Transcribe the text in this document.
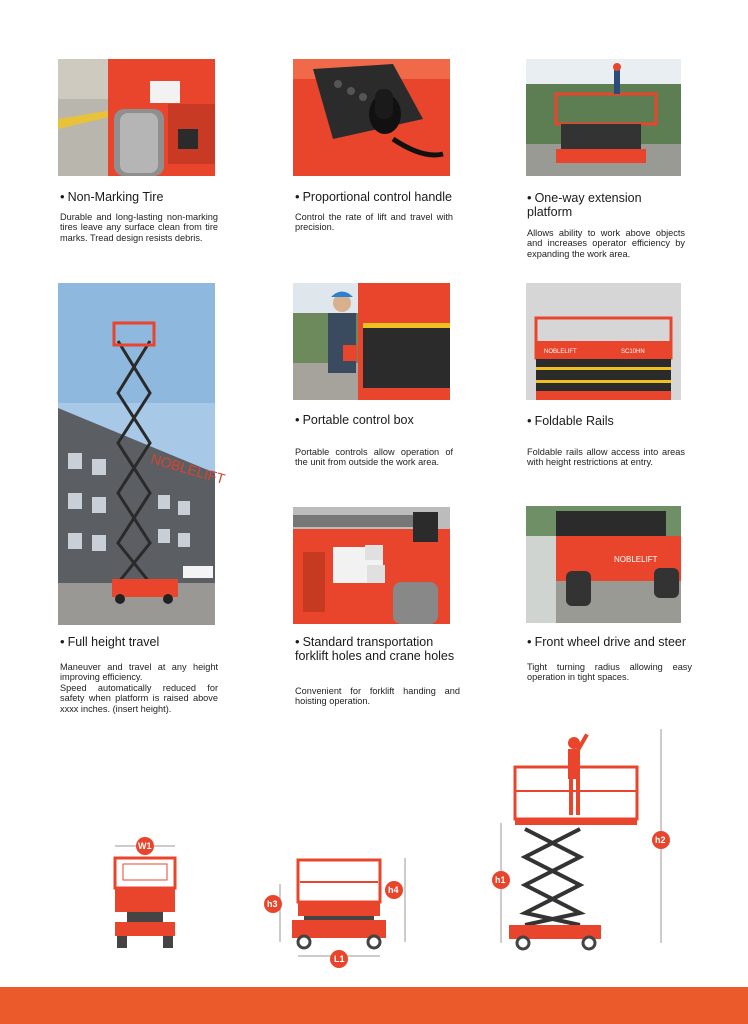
• Non-Marking Tire
Durable and long-lasting non-marking tires leave any surface clean from tire marks. Tread design resists debris.
• Proportional control handle
Control the rate of lift and travel with precision.
• One-way extension platform
Allows ability to work above objects and increases operator efficiency by expanding the work area.
NOBLELIFT
• Full height travel
Maneuver and travel at any height improving efficiency.
Speed automatically reduced for safety when platform is raised above xxxx inches. (insert height).
• Portable control box
Portable controls allow operation of the unit from outside the work area.
NOBLELIFT	SC10HN
• Foldable Rails
Foldable rails allow access into areas with height restrictions at entry.
• Standard transportation forklift holes and crane holes
Convenient for forklift handing and hoisting operation.
NOBLELIFT
• Front wheel drive and steer
Tight turning radius allowing easy operation in tight spaces.
W1
h4
h3
L1
h2
h1
